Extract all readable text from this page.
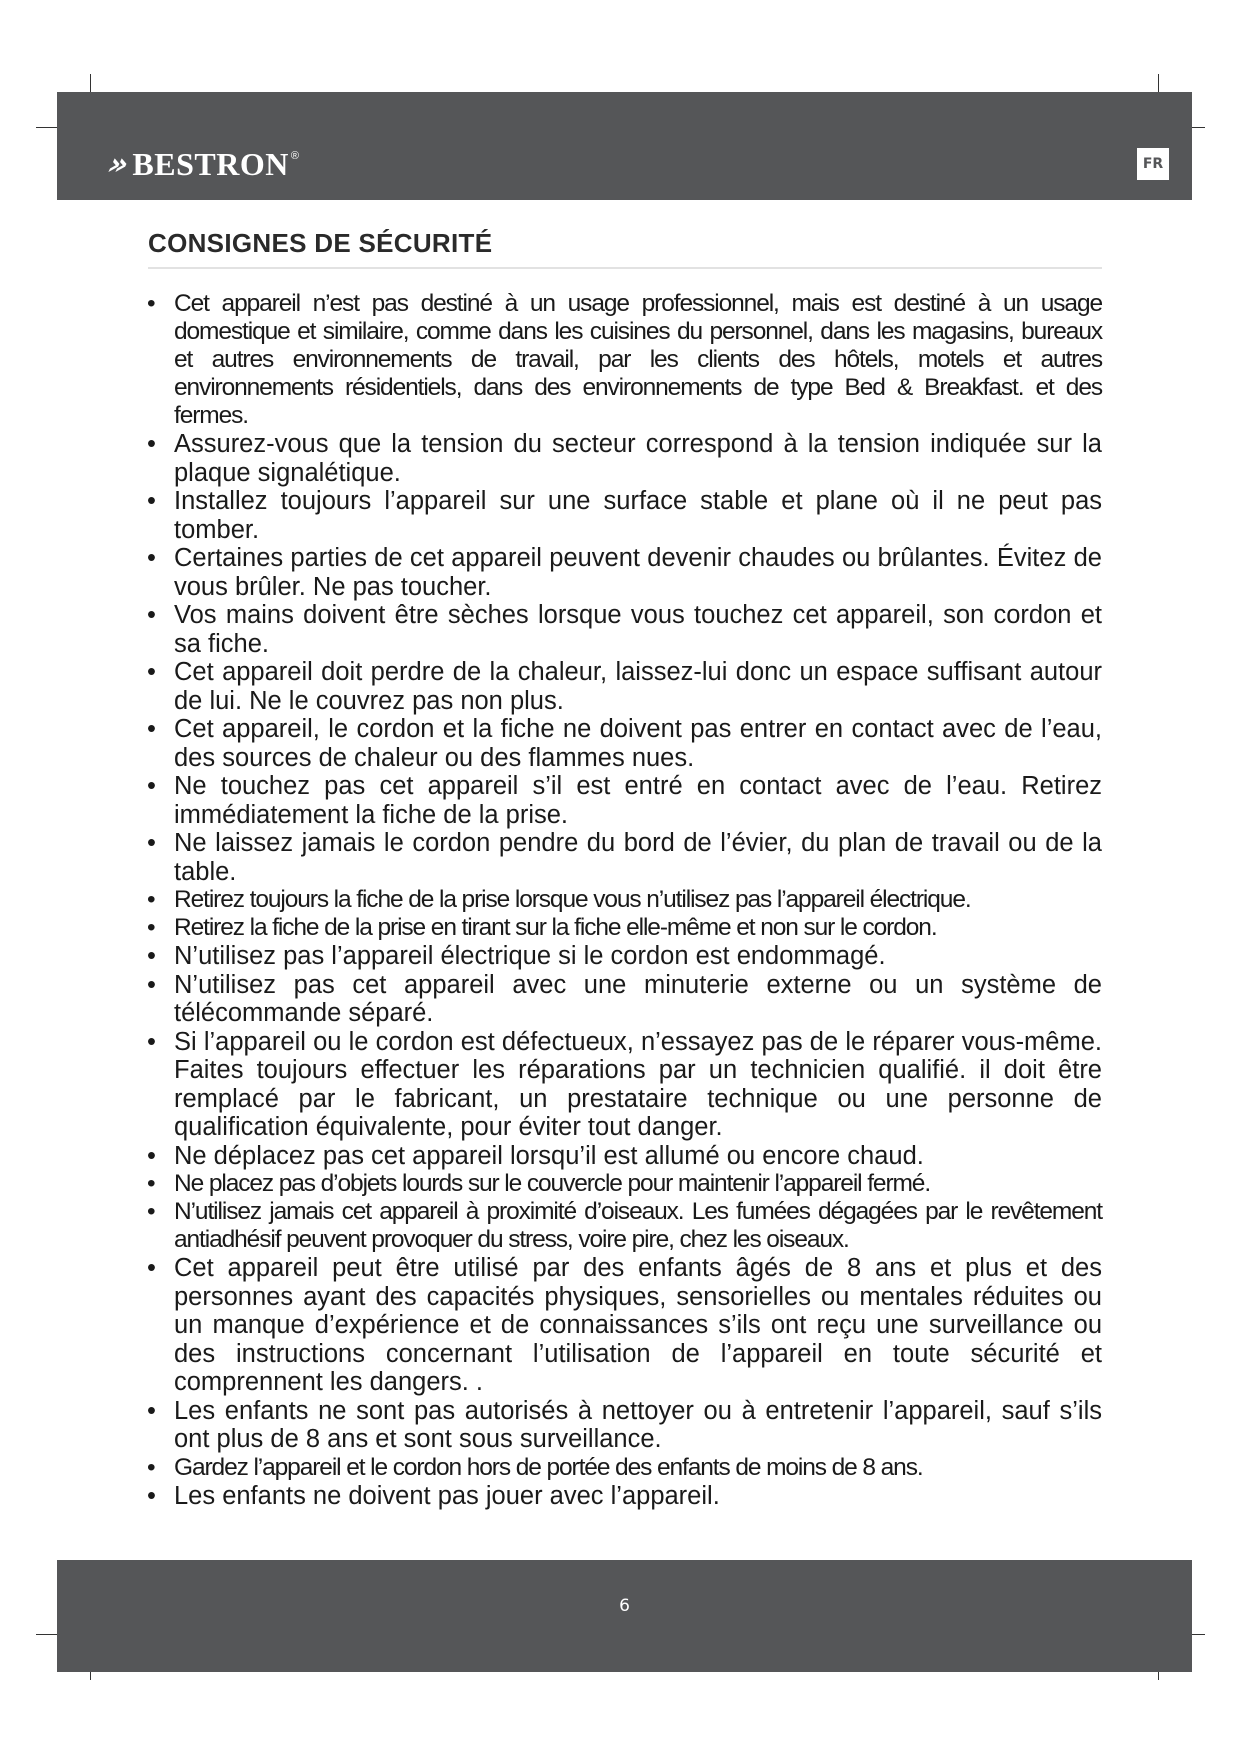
» BESTRON ®	FR
CONSIGNES DE SÉCURITÉ
• Cet appareil n’est pas destiné à un usage professionnel, mais est destiné à un usage domestique et similaire, comme dans les cuisines du personnel, dans les magasins, bureaux et autres environnements de travail, par les clients des hôtels, motels et autres environnements résidentiels, dans des environnements de type Bed & Breakfast. et des fermes.
• Assurez-vous que la tension du secteur correspond à la tension indiquée sur la plaque signalétique.
• Installez toujours l’appareil sur une surface stable et plane où il ne peut pas tomber.
• Certaines parties de cet appareil peuvent devenir chaudes ou brûlantes. Évitez de vous brûler. Ne pas toucher.
• Vos mains doivent être sèches lorsque vous touchez cet appareil, son cordon et sa fiche.
• Cet appareil doit perdre de la chaleur, laissez-lui donc un espace suffisant autour de lui. Ne le couvrez pas non plus.
• Cet appareil, le cordon et la fiche ne doivent pas entrer en contact avec de l’eau, des sources de chaleur ou des flammes nues.
• Ne touchez pas cet appareil s’il est entré en contact avec de l’eau. Retirez immédiatement la fiche de la prise.
• Ne laissez jamais le cordon pendre du bord de l’évier, du plan de travail ou de la table.
• Retirez toujours la fiche de la prise lorsque vous n’utilisez pas l’appareil électrique.
• Retirez la fiche de la prise en tirant sur la fiche elle-même et non sur le cordon.
• N’utilisez pas l’appareil électrique si le cordon est endommagé.
• N’utilisez pas cet appareil avec une minuterie externe ou un système de télécommande séparé.
• Si l’appareil ou le cordon est défectueux, n’essayez pas de le réparer vous-même. Faites toujours effectuer les réparations par un technicien qualifié. il doit être remplacé par le fabricant, un prestataire technique ou une personne de qualification équivalente, pour éviter tout danger.
• Ne déplacez pas cet appareil lorsqu’il est allumé ou encore chaud.
• Ne placez pas d’objets lourds sur le couvercle pour maintenir l’appareil fermé.
• N’utilisez jamais cet appareil à proximité d’oiseaux. Les fumées dégagées par le revêtement antiadhésif peuvent provoquer du stress, voire pire, chez les oiseaux.
• Cet appareil peut être utilisé par des enfants âgés de 8 ans et plus et des personnes ayant des capacités physiques, sensorielles ou mentales réduites ou un manque d’expérience et de connaissances s’ils ont reçu une surveillance ou des instructions concernant l’utilisation de l’appareil en toute sécurité et comprennent les dangers. .
• Les enfants ne sont pas autorisés à nettoyer ou à entretenir l’appareil, sauf s’ils ont plus de 8 ans et sont sous surveillance.
• Gardez l’appareil et le cordon hors de portée des enfants de moins de 8 ans.
• Les enfants ne doivent pas jouer avec l’appareil.
6
